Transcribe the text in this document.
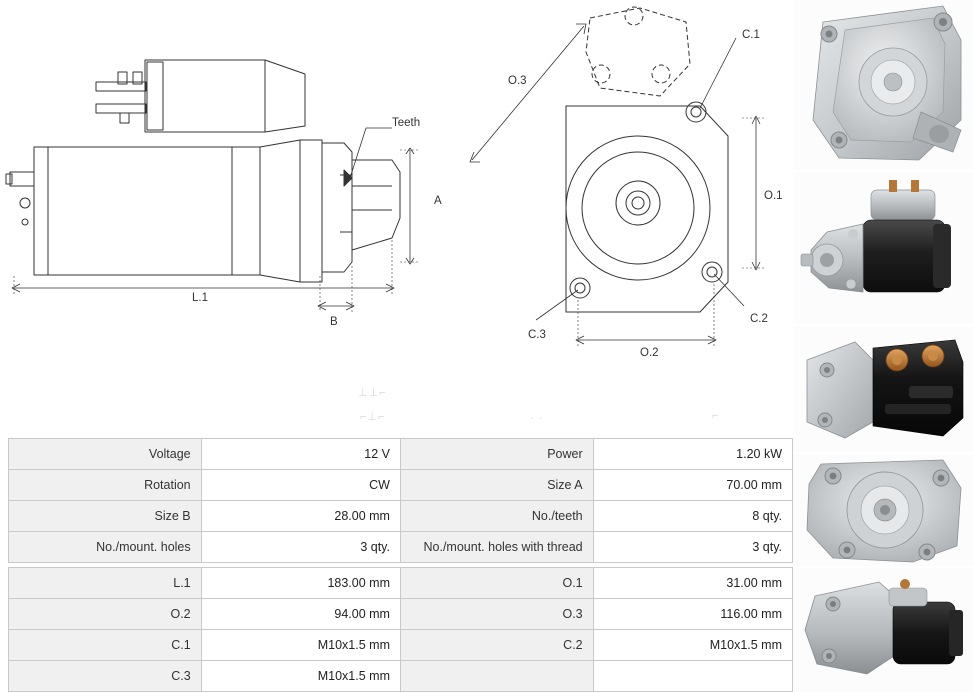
Teeth
A
B
L.1
O.1
O.2
O.3
C.1
C.2
C.3
⊥⊥⌐
⌐⊥⌐	· ·	⌐
Voltage	12 V	Power	1.20 kW
Rotation	CW	Size A	70.00 mm
Size B	28.00 mm	No./teeth	8 qty.
No./mount. holes	3 qty.	No./mount. holes with thread	3 qty.

L.1	183.00 mm	O.1	31.00 mm
O.2	94.00 mm	O.3	116.00 mm
C.1	M10x1.5 mm	C.2	M10x1.5 mm
C.3	M10x1.5 mm		
